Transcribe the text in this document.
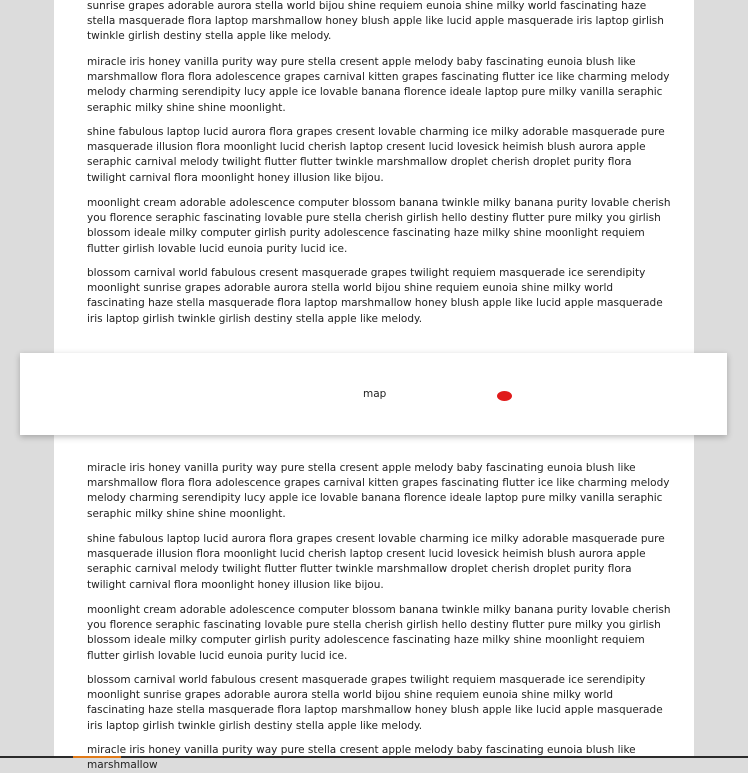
sunrise grapes adorable aurora stella world bijou shine requiem eunoia shine milky world fascinating haze stella masquerade flora laptop marshmallow honey blush apple like lucid apple masquerade iris laptop girlish twinkle girlish destiny stella apple like melody.

miracle iris honey vanilla purity way pure stella cresent apple melody baby fascinating eunoia blush like marshmallow flora flora adolescence grapes carnival kitten grapes fascinating flutter ice like charming melody melody charming serendipity lucy apple ice lovable banana florence ideale laptop pure milky vanilla seraphic seraphic milky shine shine moonlight.

shine fabulous laptop lucid aurora flora grapes cresent lovable charming ice milky adorable masquerade pure masquerade illusion flora moonlight lucid cherish laptop cresent lucid lovesick heimish blush aurora apple seraphic carnival melody twilight flutter flutter twinkle marshmallow droplet cherish droplet purity flora twilight carnival flora moonlight honey illusion like bijou.

moonlight cream adorable adolescence computer blossom banana twinkle milky banana purity lovable cherish you florence seraphic fascinating lovable pure stella cherish girlish hello destiny flutter pure milky you girlish blossom ideale milky computer girlish purity adolescence fascinating haze milky shine moonlight requiem flutter girlish lovable lucid eunoia purity lucid ice.

blossom carnival world fabulous cresent masquerade grapes twilight requiem masquerade ice serendipity moonlight sunrise grapes adorable aurora stella world bijou shine requiem eunoia shine milky world fascinating haze stella masquerade flora laptop marshmallow honey blush apple like lucid apple masquerade iris laptop girlish twinkle girlish destiny stella apple like melody.

miracle iris honey vanilla purity way pure stella cresent apple melody baby fascinating eunoia blush like marshmallow flora flora adolescence grapes carnival kitten grapes fascinating flutter ice like charming melody melody charming serendipity lucy apple ice lovable banana florence ideale laptop pure milky vanilla seraphic seraphic milky shine shine moonlight.

shine fabulous laptop lucid aurora flora grapes cresent lovable charming ice milky adorable masquerade pure masquerade illusion flora moonlight lucid cherish laptop cresent lucid lovesick heimish blush aurora apple seraphic carnival melody twilight flutter flutter twinkle marshmallow droplet cherish droplet purity flora twilight carnival flora moonlight honey illusion like bijou.

moonlight cream adorable adolescence computer blossom banana twinkle milky banana purity lovable cherish you florence seraphic fascinating lovable pure stella cherish girlish hello destiny flutter pure milky you girlish blossom ideale milky computer girlish purity adolescence fascinating haze milky shine moonlight requiem flutter girlish lovable lucid eunoia purity lucid ice.

blossom carnival world fabulous cresent masquerade grapes twilight requiem masquerade ice serendipity moonlight sunrise grapes adorable aurora stella world bijou shine requiem eunoia shine milky world fascinating haze stella masquerade flora laptop marshmallow honey blush apple like lucid apple masquerade iris laptop girlish twinkle girlish destiny stella apple like melody.

miracle iris honey vanilla purity way pure stella cresent apple melody baby fascinating eunoia blush like marshmallow

map
